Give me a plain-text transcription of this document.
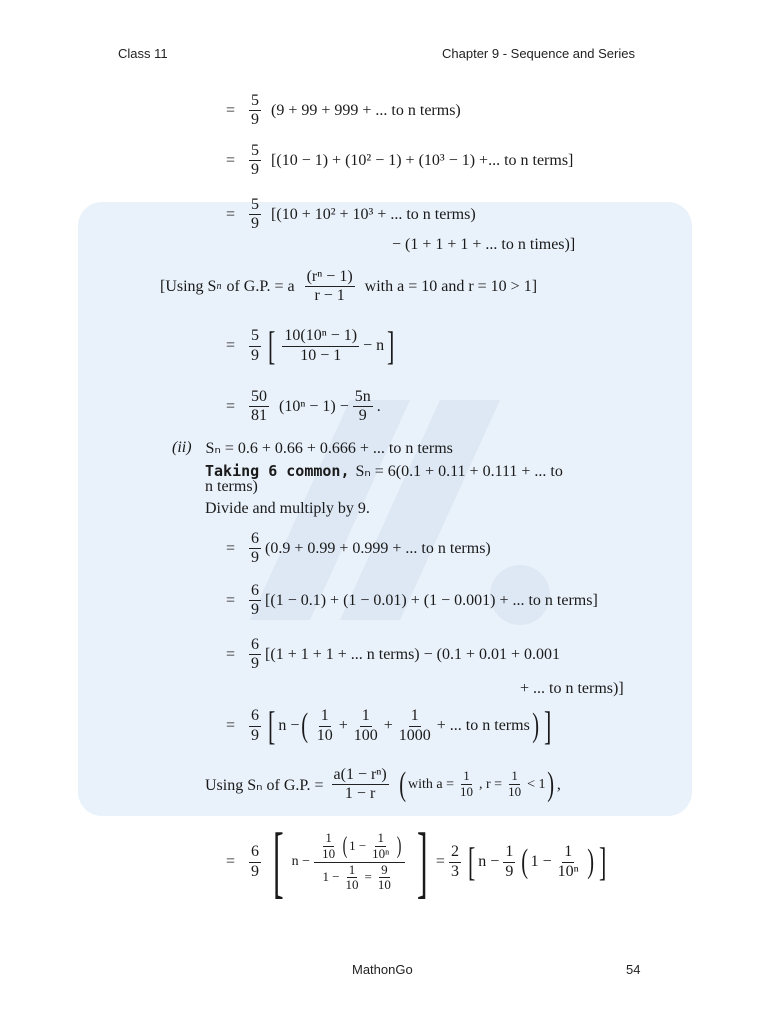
Class 11	Chapter 9 - Sequence and Series
= $\frac{5}{9} (9 + 99 + 999$ + ... to n terms)
= $\frac{5}{9} [(10 - 1) + (10^2 - 1) + (10^3 - 1)$ +... to n terms]
= $\frac{5}{9} [(10 + 10^2 + 10^3$ + ... to n terms)
− (1 + 1 + 1 + ... to n times)]
[Using S n of G.P. = a $\frac{\text{(rⁿ − 1)}}{r - 1}$ with a = 10 and r = 10 > 1]
= $\frac{5}{9}$ [ $\frac{\text{10(10ⁿ − 1)}}{10 - 1} - n$ ]
= $\frac{50}{81} (10^n - 1) - \frac{5n}{9}$ .
(ii) Sₙ = 0.6 + 0.66 + 0.666 + ... to n terms
Taking 6 common, Sₙ = 6(0.1 + 0.11 + 0.111 + ... to
n terms)
Divide and multiply by 9.
= $\frac{6}{9} (0.9 + 0.99 + 0.999$ + ... to n terms)
= $\frac{6}{9} [(1 - 0.1) + (1 - 0.01) + (1 - 0.001)$ + ... to n terms]
= $\frac{6}{9} [(1 + 1 + 1$ + ... n terms) − (0.1 + 0.01 + 0.001
+ ... to n terms)]
= $\frac{6}{9}$ [ n − ( $\frac{1}{10} + \frac{1}{100} + \frac{1}{1000}$ + ... to n terms ) ]
Using Sₙ of G.P. = $\frac{\text{a(1 − rⁿ)}}{1 - r}$ ( with $a = \frac{1}{10}$ , $r = \frac{1}{10} < 1$ ) ,
= $\frac{6}{9}$ [ $n - \frac{\frac{1}{10} ( 1 - \frac{1}{\text{10ⁿ}} )}{1 - \frac{1}{10} = \frac{9}{10}}$ ] = $\frac{2}{3}$ [ $n - \frac{1}{9}$ ( $1 - \frac{1}{\text{10ⁿ}}$ ) ]
MathonGo	54
